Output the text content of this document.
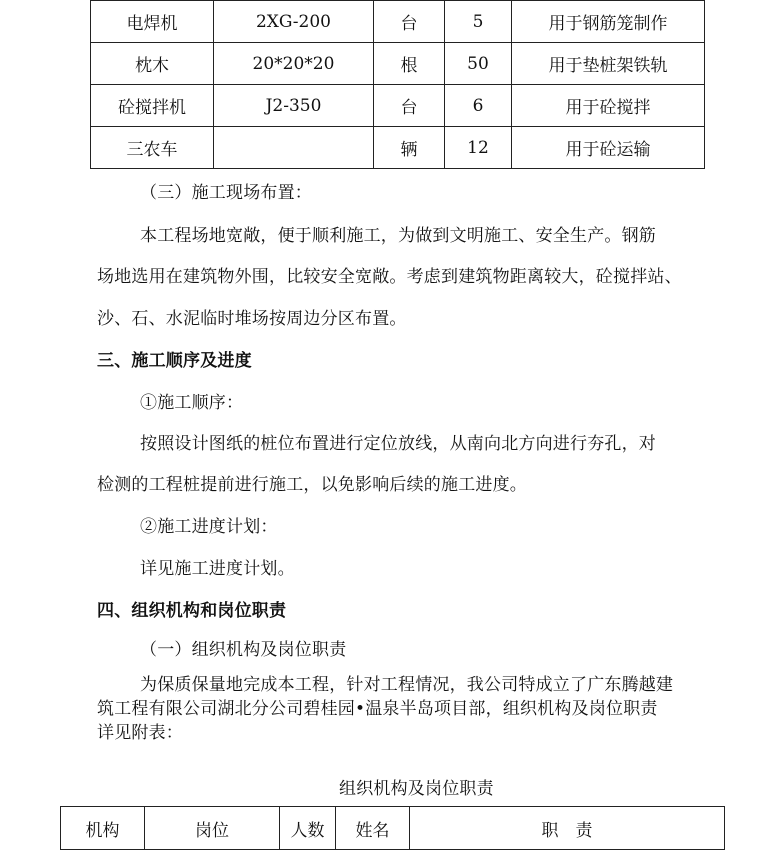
电焊机	2XG-200	台	5	用于钢筋笼制作
枕木	20*20*20	根	50	用于垫桩架铁轨
砼搅拌机	J2-350	台	6	用于砼搅拌
三农车		辆	12	用于砼运输
（三）施工现场布置：
本工程场地宽敞，便于顺利施工，为做到文明施工、安全生产。钢筋
场地选用在建筑物外围，比较安全宽敞。考虑到建筑物距离较大，砼搅拌站、
沙、石、水泥临时堆场按周边分区布置。
三、施工顺序及进度
①施工顺序：
按照设计图纸的桩位布置进行定位放线，从南向北方向进行夯孔，对
检测的工程桩提前进行施工，以免影响后续的施工进度。
②施工进度计划：
详见施工进度计划。
四、组织机构和岗位职责
（一）组织机构及岗位职责
为保质保量地完成本工程，针对工程情况，我公司特成立了广东腾越建
筑工程有限公司湖北分公司碧桂园•温泉半岛项目部，组织机构及岗位职责
详见附表：
组织机构及岗位职责
机构	岗位	人数	姓名	职　责
